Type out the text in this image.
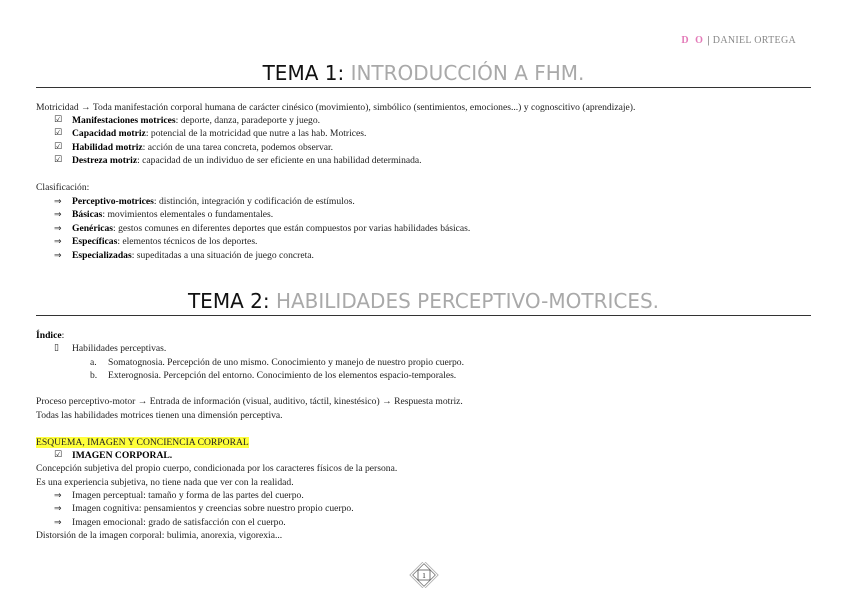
D O | DANIEL ORTEGA
TEMA 1: INTRODUCCIÓN A FHM.
Motricidad → Toda manifestación corporal humana de carácter cinésico (movimiento), simbólico (sentimientos, emociones...) y cognoscitivo (aprendizaje).
☑	Manifestaciones motrices : deporte, danza, paradeporte y juego.
☑	Capacidad motriz : potencial de la motricidad que nutre a las hab. Motrices.
☑	Habilidad motriz : acción de una tarea concreta, podemos observar.
☑	Destreza motriz : capacidad de un individuo de ser eficiente en una habilidad determinada.
Clasificación:
⇒	Perceptivo-motrices : distinción, integración y codificación de estímulos.
⇒	Básicas : movimientos elementales o fundamentales.
⇒	Genéricas : gestos comunes en diferentes deportes que están compuestos por varias habilidades básicas.
⇒	Específicas : elementos técnicos de los deportes.
⇒	Especializadas : supeditadas a una situación de juego concreta.
TEMA 2: HABILIDADES PERCEPTIVO-MOTRICES.
Índice:
▯	Habilidades perceptivas.
a.	Somatognosia. Percepción de uno mismo. Conocimiento y manejo de nuestro propio cuerpo.
b.	Exterognosia. Percepción del entorno. Conocimiento de los elementos espacio-temporales.
Proceso perceptivo-motor → Entrada de información (visual, auditivo, táctil, kinestésico) → Respuesta motriz.
Todas las habilidades motrices tienen una dimensión perceptiva.
ESQUEMA, IMAGEN Y CONCIENCIA CORPORAL
☑	IMAGEN CORPORAL.
Concepción subjetiva del propio cuerpo, condicionada por los caracteres físicos de la persona.
Es una experiencia subjetiva, no tiene nada que ver con la realidad.
⇒	Imagen perceptual: tamaño y forma de las partes del cuerpo.
⇒	Imagen cognitiva: pensamientos y creencias sobre nuestro propio cuerpo.
⇒	Imagen emocional: grado de satisfacción con el cuerpo.
Distorsión de la imagen corporal: bulimia, anorexia, vigorexia...
1
